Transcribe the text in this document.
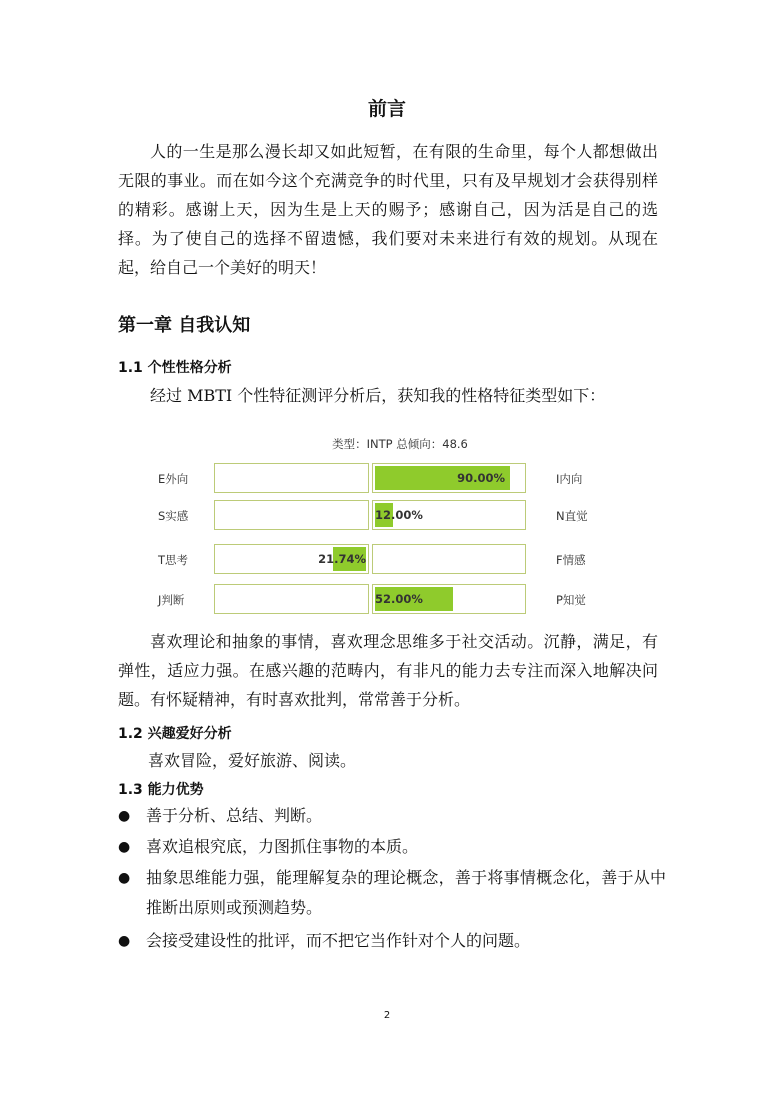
前言

人的一生是那么漫长却又如此短暂，在有限的生命里，每个人都想做出无限的事业。而在如今这个充满竞争的时代里，只有及早规划才会获得别样的精彩。感谢上天，因为生是上天的赐予；感谢自己，因为活是自己的选择。为了使自己的选择不留遗憾，我们要对未来进行有效的规划。从现在起，给自己一个美好的明天！

第一章 自我认知
1.1 个性性格分析

经过 MBTI 个性特征测评分析后，获知我的性格特征类型如下：

类型：INTP 总倾向：48.6
E外向	I内向
90.00%
S实感	N直觉
12.00%
T思考	F情感
21.74%
J判断	P知觉
52.00%

喜欢理论和抽象的事情，喜欢理念思维多于社交活动。沉静，满足，有弹性，适应力强。在感兴趣的范畴内，有非凡的能力去专注而深入地解决问题。有怀疑精神，有时喜欢批判，常常善于分析。

1.2 兴趣爱好分析

喜欢冒险，爱好旅游、阅读。

1.3 能力优势
● 善于分析、总结、判断。
● 喜欢追根究底，力图抓住事物的本质。
● 抽象思维能力强，能理解复杂的理论概念，善于将事情概念化，善于从中推断出原则或预测趋势。
● 会接受建设性的批评，而不把它当作针对个人的问题。
2
